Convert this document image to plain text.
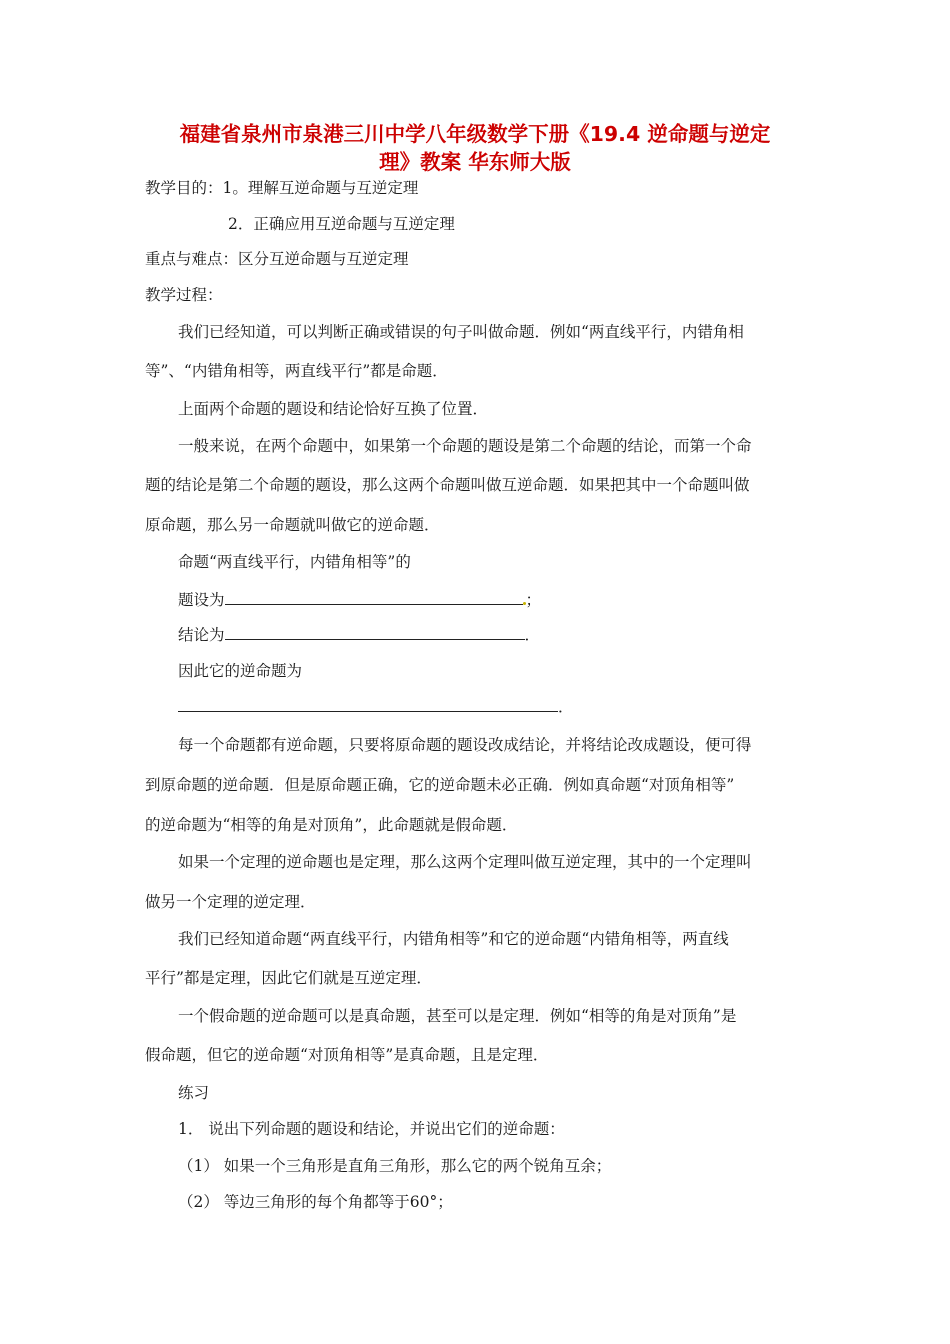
福建省泉州市泉港三川中学八年级数学下册《19.4 逆命题与逆定
理》教案 华东师大版
教学目的：1。理解互逆命题与互逆定理
2．正确应用互逆命题与互逆定理
重点与难点：区分互逆命题与互逆定理
教学过程：
我们已经知道，可以判断正确或错误的句子叫做命题．例如“两直线平行，内错角相
等”、“内错角相等，两直线平行”都是命题．
上面两个命题的题设和结论恰好互换了位置．
一般来说，在两个命题中，如果第一个命题的题设是第二个命题的结论，而第一个命
题的结论是第二个命题的题设，那么这两个命题叫做互逆命题．如果把其中一个命题叫做
原命题，那么另一命题就叫做它的逆命题．
命题“两直线平行，内错角相等”的
题设为	；
结论为	．
因此它的逆命题为
．
每一个命题都有逆命题，只要将原命题的题设改成结论，并将结论改成题设，便可得
到原命题的逆命题．但是原命题正确，它的逆命题未必正确．例如真命题“对顶角相等”
的逆命题为“相等的角是对顶角”，此命题就是假命题．
如果一个定理的逆命题也是定理，那么这两个定理叫做互逆定理，其中的一个定理叫
做另一个定理的逆定理．
我们已经知道命题“两直线平行，内错角相等”和它的逆命题“内错角相等，两直线
平行”都是定理，因此它们就是互逆定理．
一个假命题的逆命题可以是真命题，甚至可以是定理．例如“相等的角是对顶角”是
假命题，但它的逆命题“对顶角相等”是真命题，且是定理．
练习
1． 说出下列命题的题设和结论，并说出它们的逆命题：
（1） 如果一个三角形是直角三角形，那么它的两个锐角互余；
（2） 等边三角形的每个角都等于60°；
